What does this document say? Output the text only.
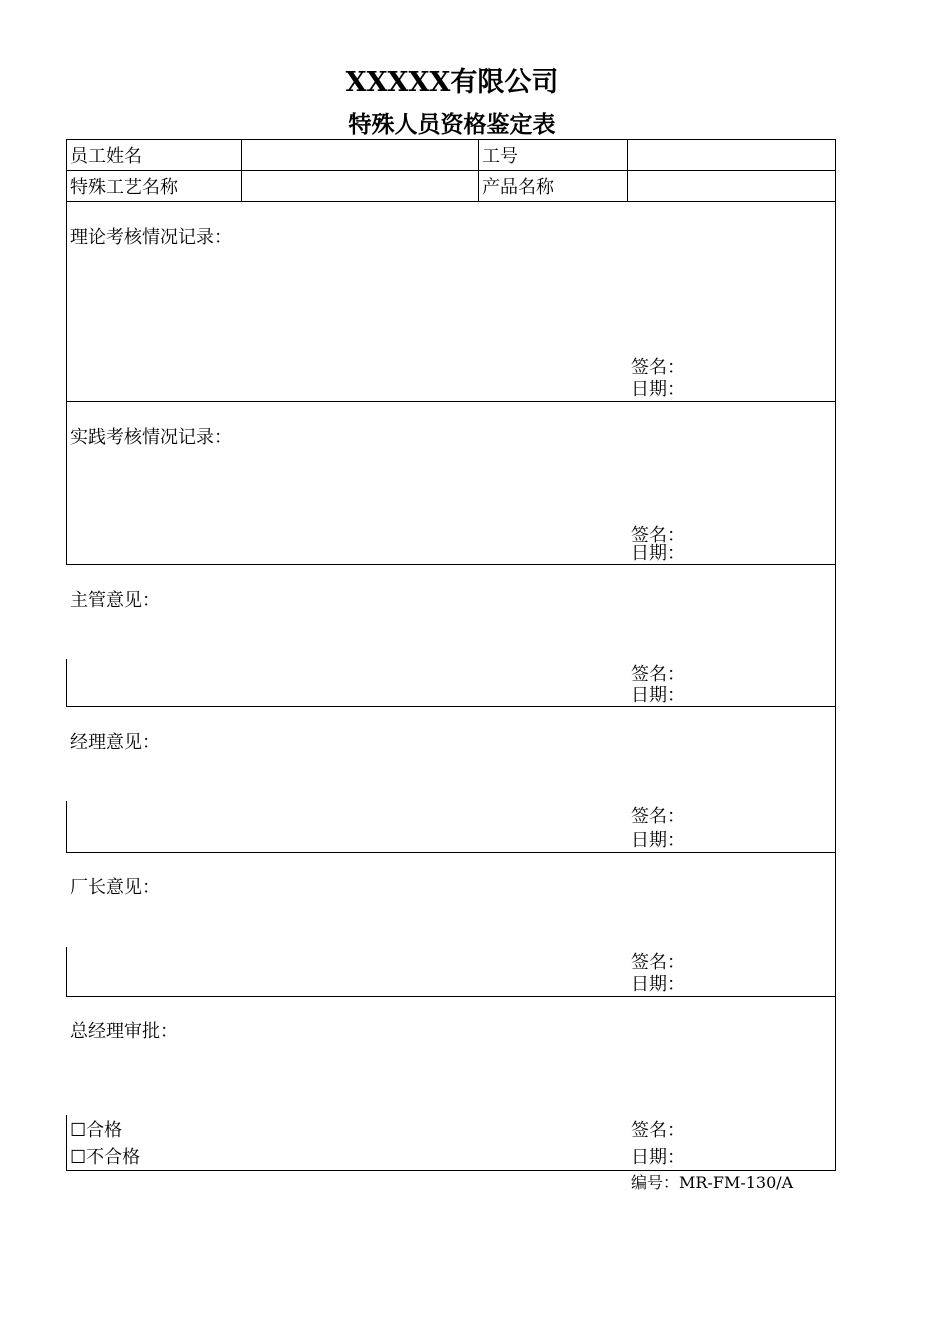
XXXXX有限公司
特殊人员资格鉴定表
员工姓名	工号
特殊工艺名称	产品名称
理论考核情况记录：
签名：
日期：
实践考核情况记录：
签名：
日期：
主管意见：
签名：
日期：
经理意见：
签名：
日期：
厂长意见：
签名：
日期：
总经理审批：
☐合格
☐不合格
签名：
日期：
编号：MR-FM-130/A
